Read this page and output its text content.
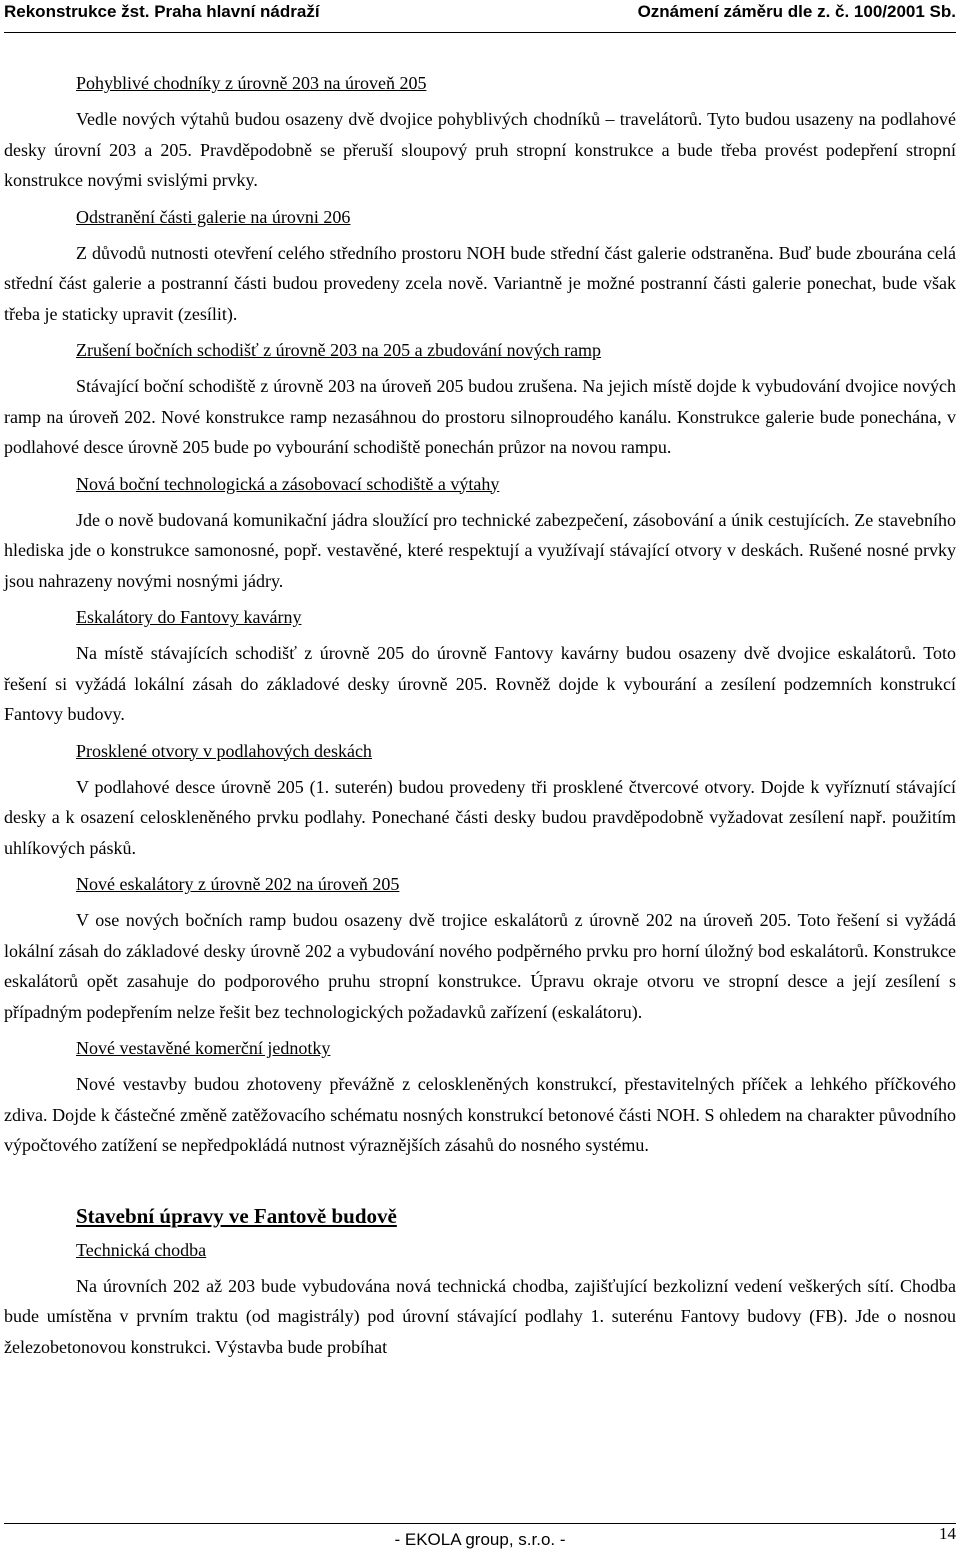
Rekonstrukce žst. Praha hlavní nádraží	Oznámení záměru dle z. č. 100/2001 Sb.
Pohyblivé chodníky z úrovně 203 na úroveň 205

Vedle nových výtahů budou osazeny dvě dvojice pohyblivých chodníků – travelátorů. Tyto budou usazeny na podlahové desky úrovní 203 a 205. Pravděpodobně se přeruší sloupový pruh stropní konstrukce a bude třeba provést podepření stropní konstrukce novými svislými prvky.

Odstranění části galerie na úrovni 206

Z důvodů nutnosti otevření celého středního prostoru NOH bude střední část galerie odstraněna. Buď bude zbourána celá střední část galerie a postranní části budou provedeny zcela nově. Variantně je možné postranní části galerie ponechat, bude však třeba je staticky upravit (zesílit).

Zrušení bočních schodišť z úrovně 203 na 205 a zbudování nových ramp

Stávající boční schodiště z úrovně 203 na úroveň 205 budou zrušena. Na jejich místě dojde k vybudování dvojice nových ramp na úroveň 202. Nové konstrukce ramp nezasáhnou do prostoru silnoproudého kanálu. Konstrukce galerie bude ponechána, v podlahové desce úrovně 205 bude po vybourání schodiště ponechán průzor na novou rampu.

Nová boční technologická a zásobovací schodiště a výtahy

Jde o nově budovaná komunikační jádra sloužící pro technické zabezpečení, zásobování a únik cestujících. Ze stavebního hlediska jde o konstrukce samonosné, popř. vestavěné, které respektují a využívají stávající otvory v deskách. Rušené nosné prvky jsou nahrazeny novými nosnými jádry.

Eskalátory do Fantovy kavárny

Na místě stávajících schodišť z úrovně 205 do úrovně Fantovy kavárny budou osazeny dvě dvojice eskalátorů. Toto řešení si vyžádá lokální zásah do základové desky úrovně 205. Rovněž dojde k vybourání a zesílení podzemních konstrukcí Fantovy budovy.

Prosklené otvory v podlahových deskách

V podlahové desce úrovně 205 (1. suterén) budou provedeny tři prosklené čtvercové otvory. Dojde k vyříznutí stávající desky a k osazení celoskleněného prvku podlahy. Ponechané části desky budou pravděpodobně vyžadovat zesílení např. použitím uhlíkových pásků.

Nové eskalátory z úrovně 202 na úroveň 205

V ose nových bočních ramp budou osazeny dvě trojice eskalátorů z úrovně 202 na úroveň 205. Toto řešení si vyžádá lokální zásah do základové desky úrovně 202 a vybudování nového podpěrného prvku pro horní úložný bod eskalátorů. Konstrukce eskalátorů opět zasahuje do podporového pruhu stropní konstrukce. Úpravu okraje otvoru ve stropní desce a její zesílení s případným podepřením nelze řešit bez technologických požadavků zařízení (eskalátoru).

Nové vestavěné komerční jednotky

Nové vestavby budou zhotoveny převážně z celoskleněných konstrukcí, přestavitelných příček a lehkého příčkového zdiva. Dojde k částečné změně zatěžovacího schématu nosných konstrukcí betonové části NOH. S ohledem na charakter původního výpočtového zatížení se nepředpokládá nutnost výraznějších zásahů do nosného systému.

Stavební úpravy ve Fantově budově
Technická chodba

Na úrovních 202 až 203 bude vybudována nová technická chodba, zajišťující bezkolizní vedení veškerých sítí. Chodba bude umístěna v prvním traktu (od magistrály) pod úrovní stávající podlahy 1. suterénu Fantovy budovy (FB). Jde o nosnou železobetonovou konstrukci. Výstavba bude probíhat

- EKOLA group, s.r.o. -	14
